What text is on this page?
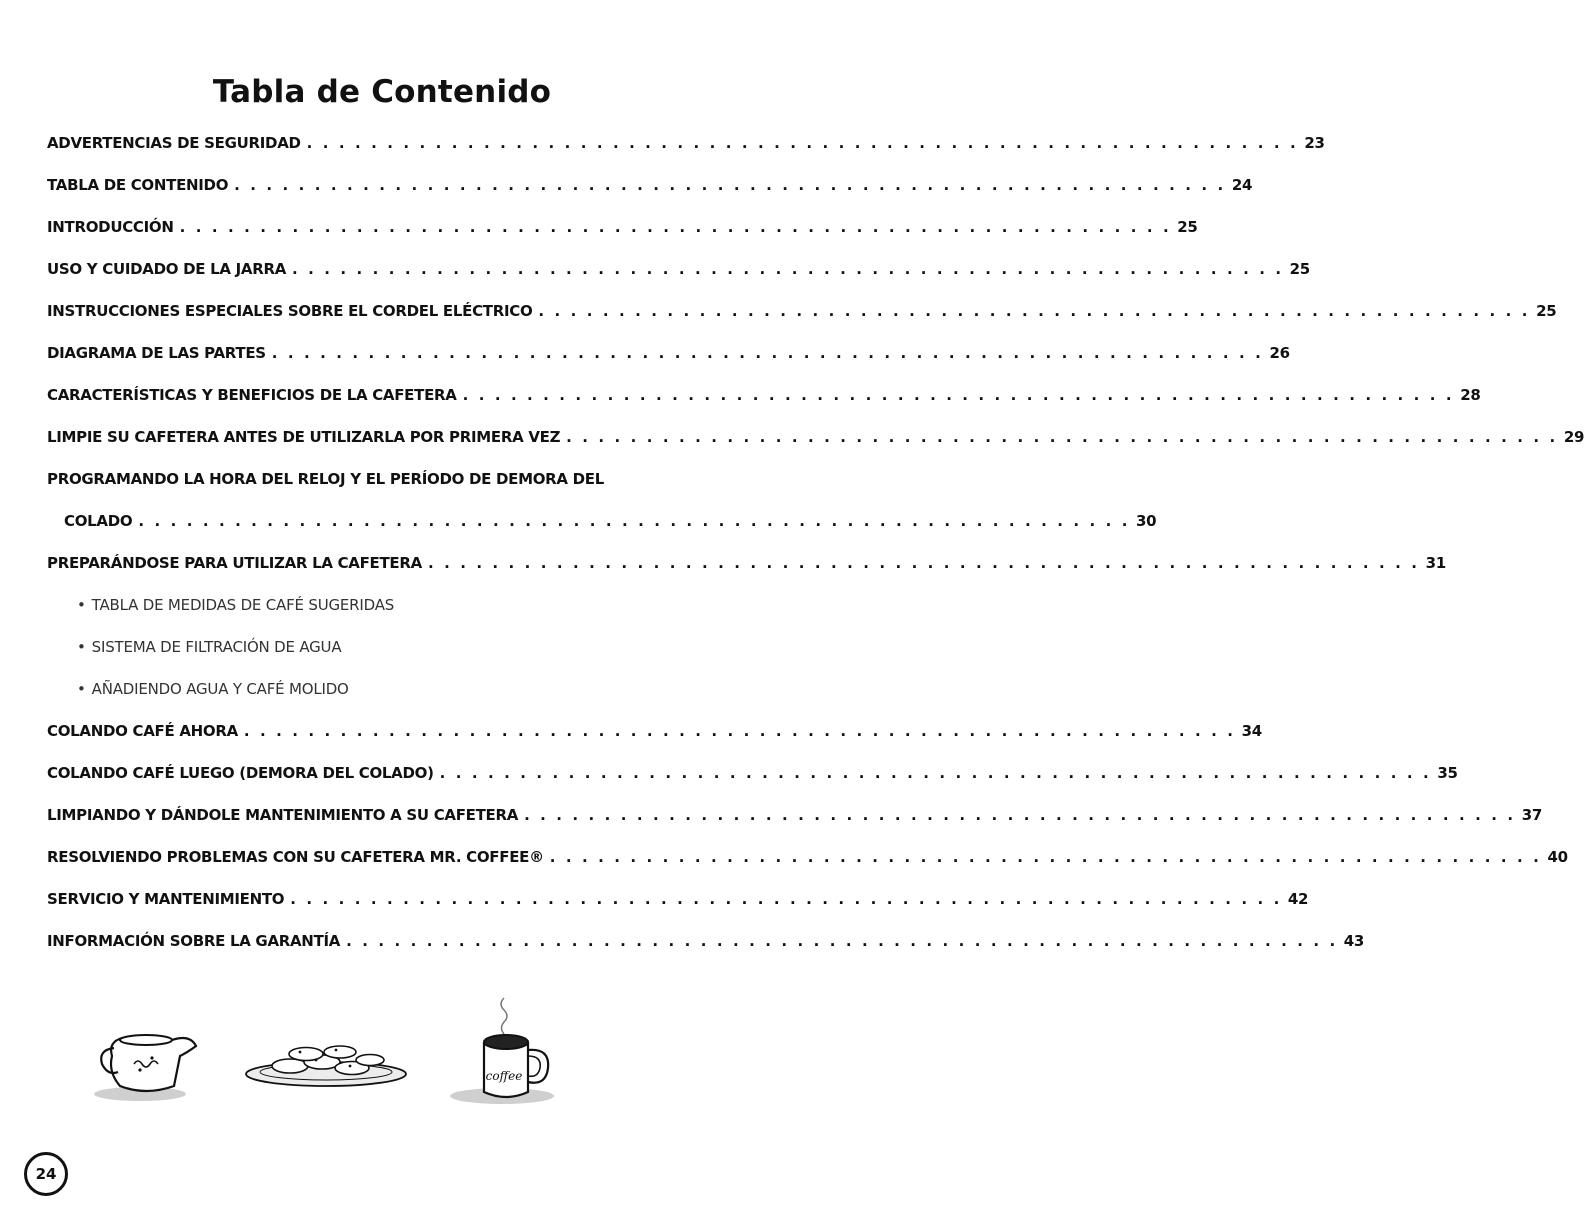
Tabla de Contenido
ADVERTENCIAS DE SEGURIDAD . . . . . . . . . . . . . . . . . . . . . . . . . . . . . . . . . . . . . . . . . . . . . . . . . . . . . . . . . . . . . . 23
TABLA DE CONTENIDO . . . . . . . . . . . . . . . . . . . . . . . . . . . . . . . . . . . . . . . . . . . . . . . . . . . . . . . . . . . . . . 24
INTRODUCCIÓN . . . . . . . . . . . . . . . . . . . . . . . . . . . . . . . . . . . . . . . . . . . . . . . . . . . . . . . . . . . . . . 25
USO Y CUIDADO DE LA JARRA . . . . . . . . . . . . . . . . . . . . . . . . . . . . . . . . . . . . . . . . . . . . . . . . . . . . . . . . . . . . . . 25
INSTRUCCIONES ESPECIALES SOBRE EL CORDEL ELÉCTRICO . . . . . . . . . . . . . . . . . . . . . . . . . . . . . . . . . . . . . . . . . . . . . . . . . . . . . . . . . . . . . . 25
DIAGRAMA DE LAS PARTES . . . . . . . . . . . . . . . . . . . . . . . . . . . . . . . . . . . . . . . . . . . . . . . . . . . . . . . . . . . . . . 26
CARACTERÍSTICAS Y BENEFICIOS DE LA CAFETERA . . . . . . . . . . . . . . . . . . . . . . . . . . . . . . . . . . . . . . . . . . . . . . . . . . . . . . . . . . . . . . 28
LIMPIE SU CAFETERA ANTES DE UTILIZARLA POR PRIMERA VEZ . . . . . . . . . . . . . . . . . . . . . . . . . . . . . . . . . . . . . . . . . . . . . . . . . . . . . . . . . . . . . . 29
PROGRAMANDO LA HORA DEL RELOJ Y EL PERÍODO DE DEMORA DEL
COLADO . . . . . . . . . . . . . . . . . . . . . . . . . . . . . . . . . . . . . . . . . . . . . . . . . . . . . . . . . . . . . . 30
PREPARÁNDOSE PARA UTILIZAR LA CAFETERA . . . . . . . . . . . . . . . . . . . . . . . . . . . . . . . . . . . . . . . . . . . . . . . . . . . . . . . . . . . . . . 31
• TABLA DE MEDIDAS DE CAFÉ SUGERIDAS
• SISTEMA DE FILTRACIÓN DE AGUA
• AÑADIENDO AGUA Y CAFÉ MOLIDO
COLANDO CAFÉ AHORA . . . . . . . . . . . . . . . . . . . . . . . . . . . . . . . . . . . . . . . . . . . . . . . . . . . . . . . . . . . . . . 34
COLANDO CAFÉ LUEGO (DEMORA DEL COLADO) . . . . . . . . . . . . . . . . . . . . . . . . . . . . . . . . . . . . . . . . . . . . . . . . . . . . . . . . . . . . . . 35
LIMPIANDO Y DÁNDOLE MANTENIMIENTO A SU CAFETERA . . . . . . . . . . . . . . . . . . . . . . . . . . . . . . . . . . . . . . . . . . . . . . . . . . . . . . . . . . . . . . 37
RESOLVIENDO PROBLEMAS CON SU CAFETERA MR. COFFEE® . . . . . . . . . . . . . . . . . . . . . . . . . . . . . . . . . . . . . . . . . . . . . . . . . . . . . . . . . . . . . . 40
SERVICIO Y MANTENIMIENTO . . . . . . . . . . . . . . . . . . . . . . . . . . . . . . . . . . . . . . . . . . . . . . . . . . . . . . . . . . . . . . 42
INFORMACIÓN SOBRE LA GARANTÍA . . . . . . . . . . . . . . . . . . . . . . . . . . . . . . . . . . . . . . . . . . . . . . . . . . . . . . . . . . . . . . 43
coffee
24
